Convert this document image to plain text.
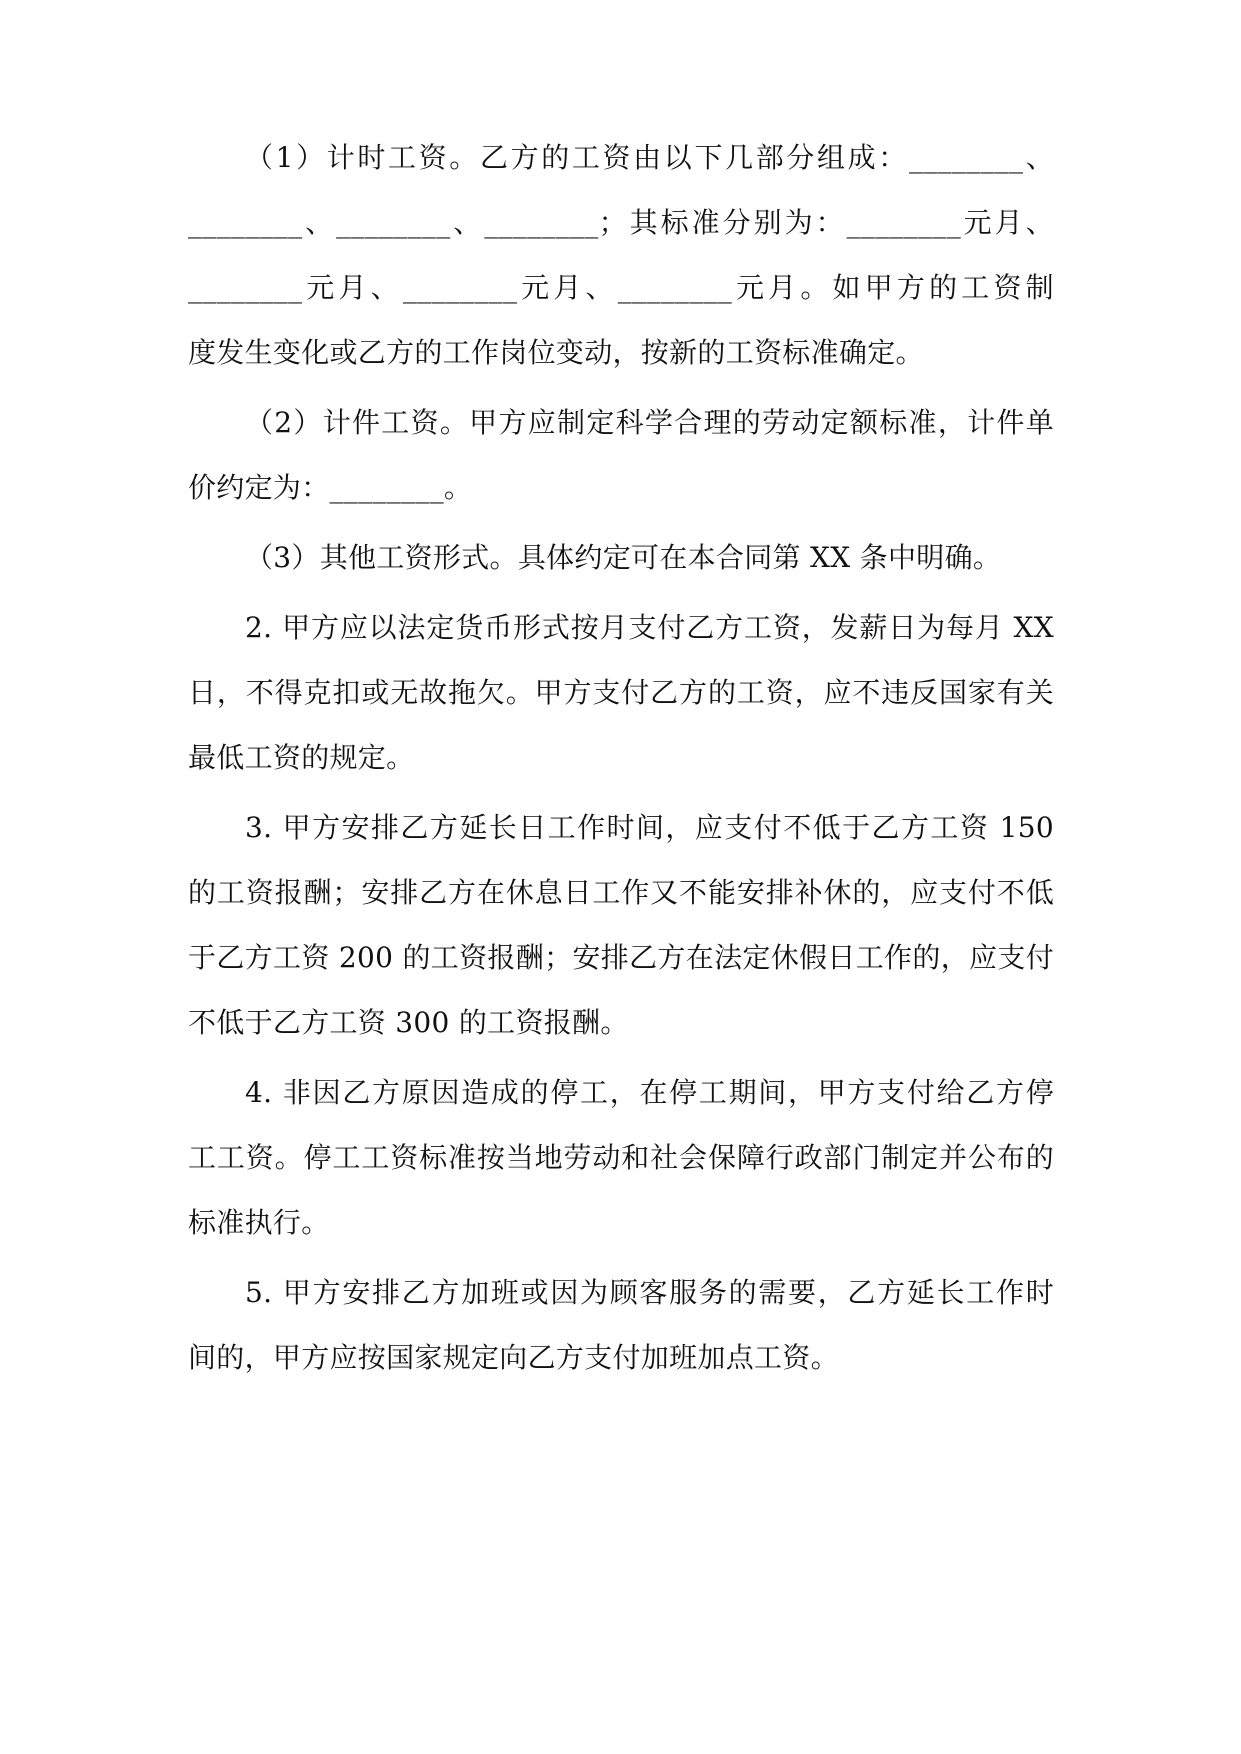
（1）计时工资。乙方的工资由以下几部分组成：________、

________、________、________；其标准分别为：________元月、

________元月、________元月、________元月。如甲方的工资制

度发生变化或乙方的工作岗位变动，按新的工资标准确定。

（2）计件工资。甲方应制定科学合理的劳动定额标准，计件单

价约定为：________。

（3）其他工资形式。具体约定可在本合同第 XX 条中明确。

2. 甲方应以法定货币形式按月支付乙方工资，发薪日为每月 XX

日，不得克扣或无故拖欠。甲方支付乙方的工资，应不违反国家有关

最低工资的规定。

3. 甲方安排乙方延长日工作时间，应支付不低于乙方工资 150

的工资报酬；安排乙方在休息日工作又不能安排补休的，应支付不低

于乙方工资 200 的工资报酬；安排乙方在法定休假日工作的，应支付

不低于乙方工资 300 的工资报酬。

4. 非因乙方原因造成的停工，在停工期间，甲方支付给乙方停

工工资。停工工资标准按当地劳动和社会保障行政部门制定并公布的

标准执行。

5. 甲方安排乙方加班或因为顾客服务的需要，乙方延长工作时

间的，甲方应按国家规定向乙方支付加班加点工资。
